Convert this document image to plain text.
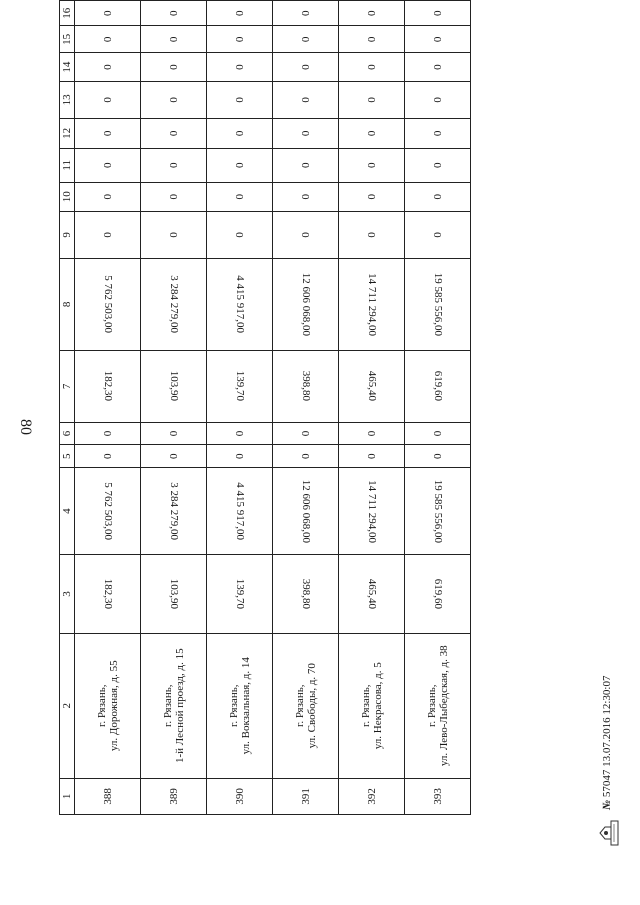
80
1	2	3	4	5	6	7	8	9	10	11	12	13	14	15	16
388	г. Рязань, ул. Дорожная, д. 55	182,30	5 762 503,00	0	0	182,30	5 762 503,00	0	0	0	0	0	0	0	0
389	г. Рязань, 1-й Лесной проезд, д. 15	103,90	3 284 279,00	0	0	103,90	3 284 279,00	0	0	0	0	0	0	0	0
390	г. Рязань, ул. Вокзальная, д. 14	139,70	4 415 917,00	0	0	139,70	4 415 917,00	0	0	0	0	0	0	0	0
391	г. Рязань, ул. Свободы, д. 70	398,80	12 606 068,00	0	0	398,80	12 606 068,00	0	0	0	0	0	0	0	0
392	г. Рязань, ул. Некрасова, д. 5	465,40	14 711 294,00	0	0	465,40	14 711 294,00	0	0	0	0	0	0	0	0
393	г. Рязань, ул. Лево-Лыбедская, д. 38	619,60	19 585 556,00	0	0	619,60	19 585 556,00	0	0	0	0	0	0	0	0
№ 57047 13.07.2016 12:30:07
